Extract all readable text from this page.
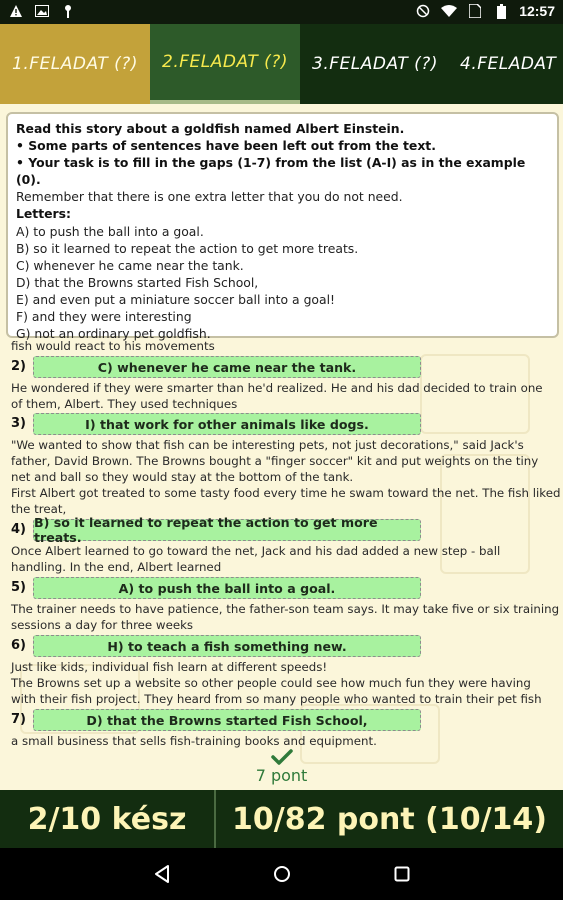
12:57
1.FELADAT (?)	2.FELADAT (?)	3.FELADAT (?)	4.FELADAT
Read this story about a goldfish named Albert Einstein.
• Some parts of sentences have been left out from the text.
• Your task is to fill in the gaps (1-7) from the list (A-I) as in the example (0).
Remember that there is one extra letter that you do not need.
Letters:
A) to push the ball into a goal.
B) so it learned to repeat the action to get more treats.
C) whenever he came near the tank.
D) that the Browns started Fish School,
E) and even put a miniature soccer ball into a goal!
F) and they were interesting
G) not an ordinary pet goldfish.
fish would react to his movements
2)	C) whenever he came near the tank.
He wondered if they were smarter than he'd realized. He and his dad decided to train one
of them, Albert. They used techniques
3)	I) that work for other animals like dogs.
"We wanted to show that fish can be interesting pets, not just decorations," said Jack's
father, David Brown. The Browns bought a "finger soccer" kit and put weights on the tiny
net and ball so they would stay at the bottom of the tank.
First Albert got treated to some tasty food every time he swam toward the net. The fish liked
the treat,
4) B) so it learned to repeat the action to get more treats.
Once Albert learned to go toward the net, Jack and his dad added a new step - ball
handling. In the end, Albert learned
5)	A) to push the ball into a goal.
The trainer needs to have patience, the father-son team says. It may take five or six training
sessions a day for three weeks
6)	H) to teach a fish something new.
Just like kids, individual fish learn at different speeds!
The Browns set up a website so other people could see how much fun they were having
with their fish project. They heard from so many people who wanted to train their pet fish
7)	D) that the Browns started Fish School,
a small business that sells fish-training books and equipment.
7 pont
2/10 kész	10/82 pont (10/14)
